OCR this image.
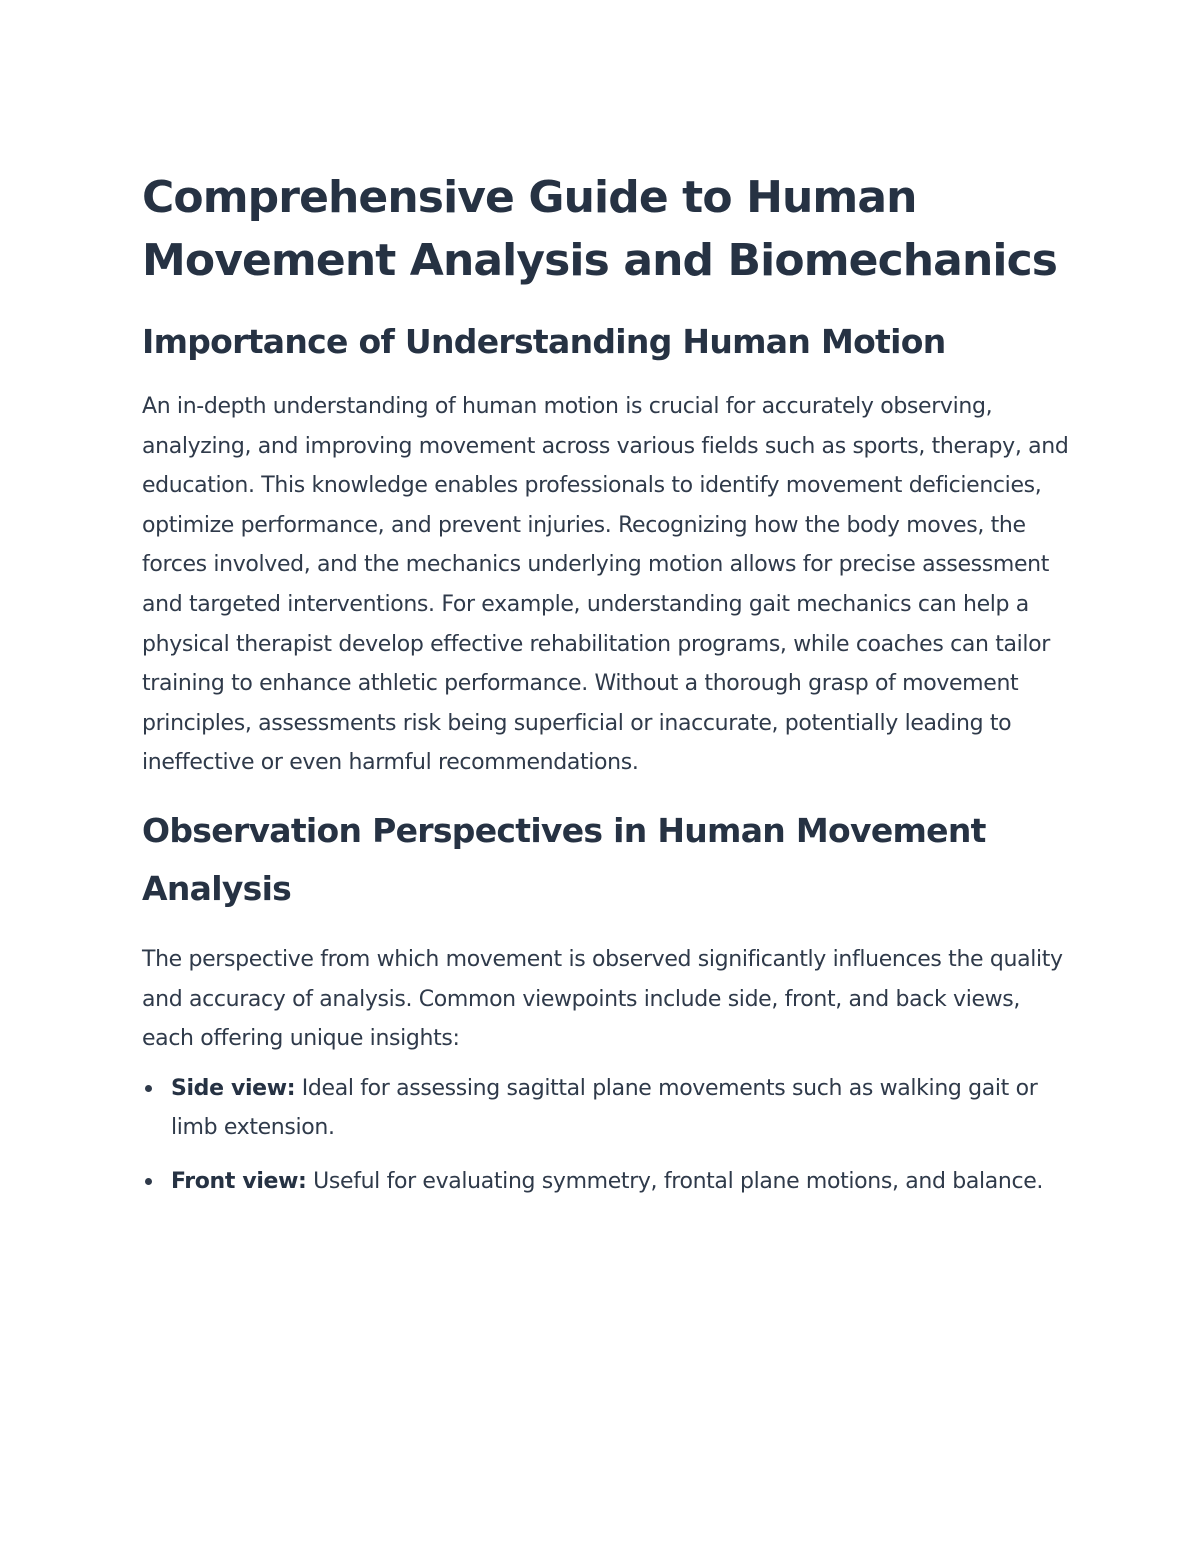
Comprehensive Guide to Human Movement Analysis and Biomechanics
Importance of Understanding Human Motion

An in-depth understanding of human motion is crucial for accurately observing, analyzing, and improving movement across various fields such as sports, therapy, and education. This knowledge enables professionals to identify movement deficiencies, optimize performance, and prevent injuries. Recognizing how the body moves, the forces involved, and the mechanics underlying motion allows for precise assessment and targeted interventions. For example, understanding gait mechanics can help a physical therapist develop effective rehabilitation programs, while coaches can tailor training to enhance athletic performance. Without a thorough grasp of movement principles, assessments risk being superficial or inaccurate, potentially leading to ineffective or even harmful recommendations.

Observation Perspectives in Human Movement Analysis

The perspective from which movement is observed significantly influences the quality and accuracy of analysis. Common viewpoints include side, front, and back views, each offering unique insights:

Side view: Ideal for assessing sagittal plane movements such as walking gait or limb extension.
Front view: Useful for evaluating symmetry, frontal plane motions, and balance.
